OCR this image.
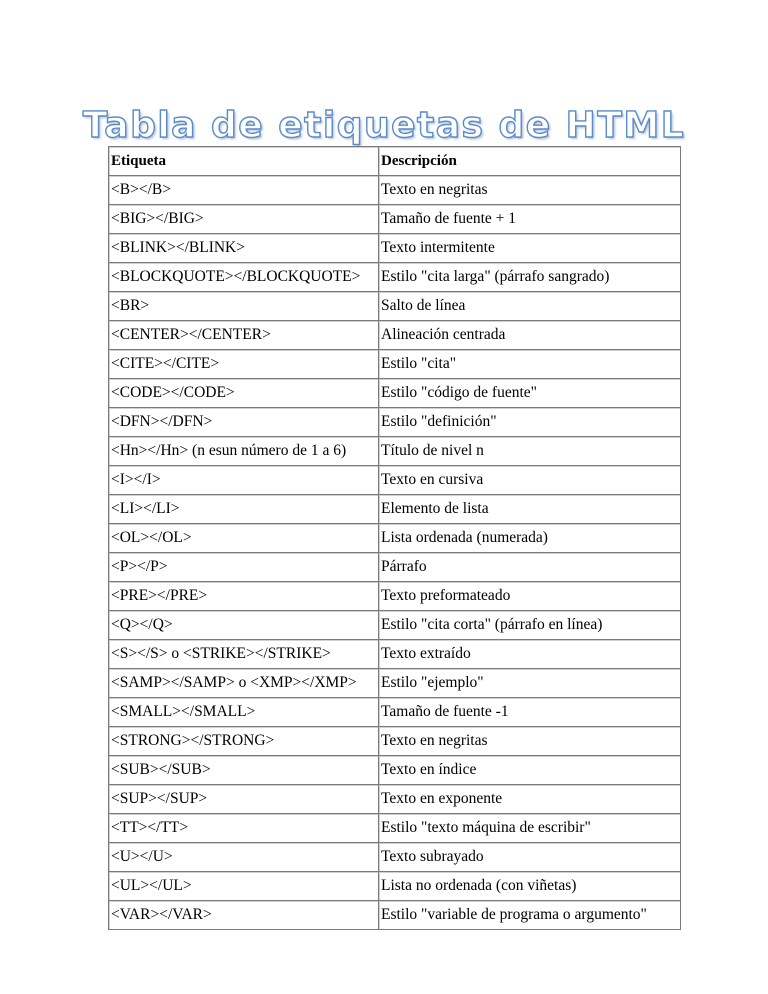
Tabla de etiquetas de HTML
Etiqueta	Descripción
<B></B>	Texto en negritas
<BIG></BIG>	Tamaño de fuente + 1
<BLINK></BLINK>	Texto intermitente
<BLOCKQUOTE></BLOCKQUOTE>	Estilo "cita larga" (párrafo sangrado)
<BR>	Salto de línea
<CENTER></CENTER>	Alineación centrada
<CITE></CITE>	Estilo "cita"
<CODE></CODE>	Estilo "código de fuente"
<DFN></DFN>	Estilo "definición"
<Hn></Hn> (n esun número de 1 a 6)	Título de nivel n
<I></I>	Texto en cursiva
<LI></LI>	Elemento de lista
<OL></OL>	Lista ordenada (numerada)
<P></P>	Párrafo
<PRE></PRE>	Texto preformateado
<Q></Q>	Estilo "cita corta" (párrafo en línea)
<S></S> o <STRIKE></STRIKE>	Texto extraído
<SAMP></SAMP> o <XMP></XMP>	Estilo "ejemplo"
<SMALL></SMALL>	Tamaño de fuente -1
<STRONG></STRONG>	Texto en negritas
<SUB></SUB>	Texto en índice
<SUP></SUP>	Texto en exponente
<TT></TT>	Estilo "texto máquina de escribir"
<U></U>	Texto subrayado
<UL></UL>	Lista no ordenada (con viñetas)
<VAR></VAR>	Estilo "variable de programa o argumento"
